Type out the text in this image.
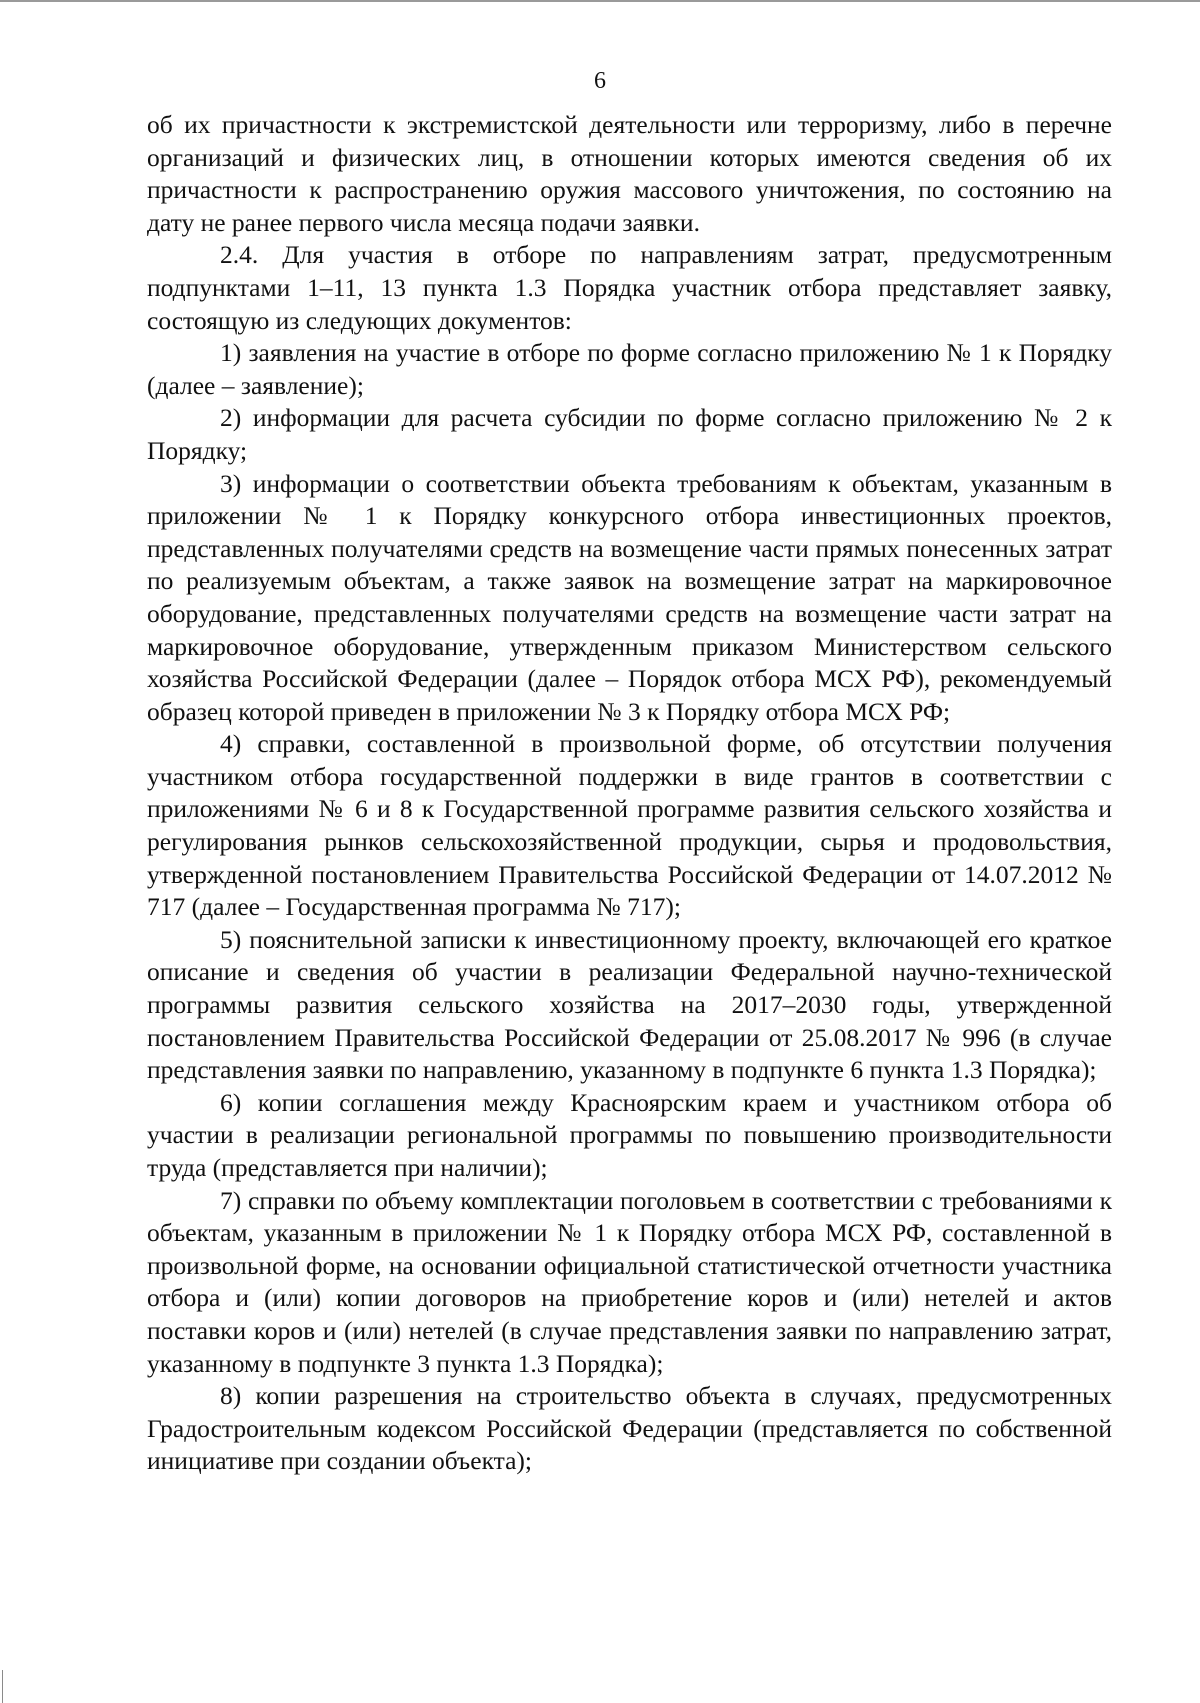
6

об их причастности к экстремистской деятельности или терроризму, либо в перечне организаций и физических лиц, в отношении которых имеются сведения об их причастности к распространению оружия массового уничтожения, по состоянию на дату не ранее первого числа месяца подачи заявки.

2.4. Для участия в отборе по направлениям затрат, предусмотренным подпунктами 1–11, 13 пункта 1.3 Порядка участник отбора представляет заявку, состоящую из следующих документов:

1) заявления на участие в отборе по форме согласно приложению № 1 к Порядку (далее – заявление);

2) информации для расчета субсидии по форме согласно приложению № 2 к Порядку;

3) информации о соответствии объекта требованиям к объектам, указанным в приложении № 1 к Порядку конкурсного отбора инвестиционных проектов, представленных получателями средств на возмещение части прямых понесенных затрат по реализуемым объектам, а также заявок на возмещение затрат на маркировочное оборудование, представленных получателями средств на возмещение части затрат на маркировочное оборудование, утвержденным приказом Министерством сельского хозяйства Российской Федерации (далее – Порядок отбора МСХ РФ), рекомендуемый образец которой приведен в приложении № 3 к Порядку отбора МСХ РФ;

4) справки, составленной в произвольной форме, об отсутствии получения участником отбора государственной поддержки в виде грантов в соответствии с приложениями № 6 и 8 к Государственной программе развития сельского хозяйства и регулирования рынков сельскохозяйственной продукции, сырья и продовольствия, утвержденной постановлением Правительства Российской Федерации от 14.07.2012 № 717 (далее – Государственная программа № 717);

5) пояснительной записки к инвестиционному проекту, включающей его краткое описание и сведения об участии в реализации Федеральной научно-технической программы развития сельского хозяйства на 2017–2030 годы, утвержденной постановлением Правительства Российской Федерации от 25.08.2017 № 996 (в случае представления заявки по направлению, указанному в подпункте 6 пункта 1.3 Порядка);

6) копии соглашения между Красноярским краем и участником отбора об участии в реализации региональной программы по повышению производительности труда (представляется при наличии);

7) справки по объему комплектации поголовьем в соответствии с требованиями к объектам, указанным в приложении № 1 к Порядку отбора МСХ РФ, составленной в произвольной форме, на основании официальной статистической отчетности участника отбора и (или) копии договоров на приобретение коров и (или) нетелей и актов поставки коров и (или) нетелей (в случае представления заявки по направлению затрат, указанному в подпункте 3 пункта 1.3 Порядка);

8) копии разрешения на строительство объекта в случаях, предусмотренных Градостроительным кодексом Российской Федерации (представляется по собственной инициативе при создании объекта);
